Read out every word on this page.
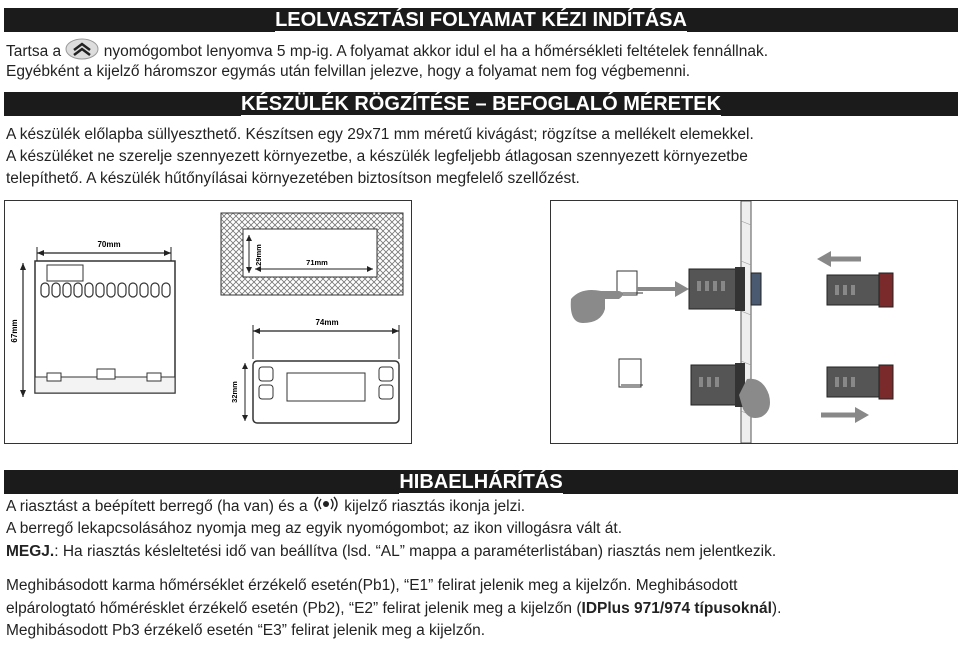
LEOLVASZTÁSI FOLYAMAT KÉZI INDÍTÁSA
Tartsa a	nyomógombot lenyomva 5 mp-ig. A folyamat akkor idul el ha a hőmérsékleti feltételek fennállnak.
Egyébként a kijelző háromszor egymás után felvillan jelezve, hogy a folyamat nem fog végbemenni.
KÉSZÜLÉK RÖGZÍTÉSE – BEFOGLALÓ MÉRETEK
A készülék előlapba süllyeszthető. Készítsen egy 29x71 mm méretű kivágást; rögzítse a mellékelt elemekkel.
A készüléket ne szerelje szennyezett környezetbe, a készülék legfeljebb átlagosan szennyezett környezetbe
telepíthető. A készülék hűtőnyílásai környezetében biztosítson megfelelő szellőzést.
70mm
67mm
29mm	71mm
74mm
32mm
HIBAELHÁRÍTÁS
A riasztást a beépített berregő (ha van) és a kijelző riasztás ikonja jelzi.
A berregő lekapcsolásához nyomja meg az egyik nyomógombot; az ikon villogásra vált át.
MEGJ.: Ha riasztás késleltetési idő van beállítva (lsd. “AL” mappa a paraméterlistában) riasztás nem jelentkezik.
Meghibásodott karma hőmérséklet érzékelő esetén(Pb1), “E1” felirat jelenik meg a kijelzőn. Meghibásodott
elpárologtató hőmérésklet érzékelő esetén (Pb2), “E2” felirat jelenik meg a kijelzőn (IDPlus 971/974 típusoknál).
Meghibásodott Pb3 érzékelő esetén “E3” felirat jelenik meg a kijelzőn.
